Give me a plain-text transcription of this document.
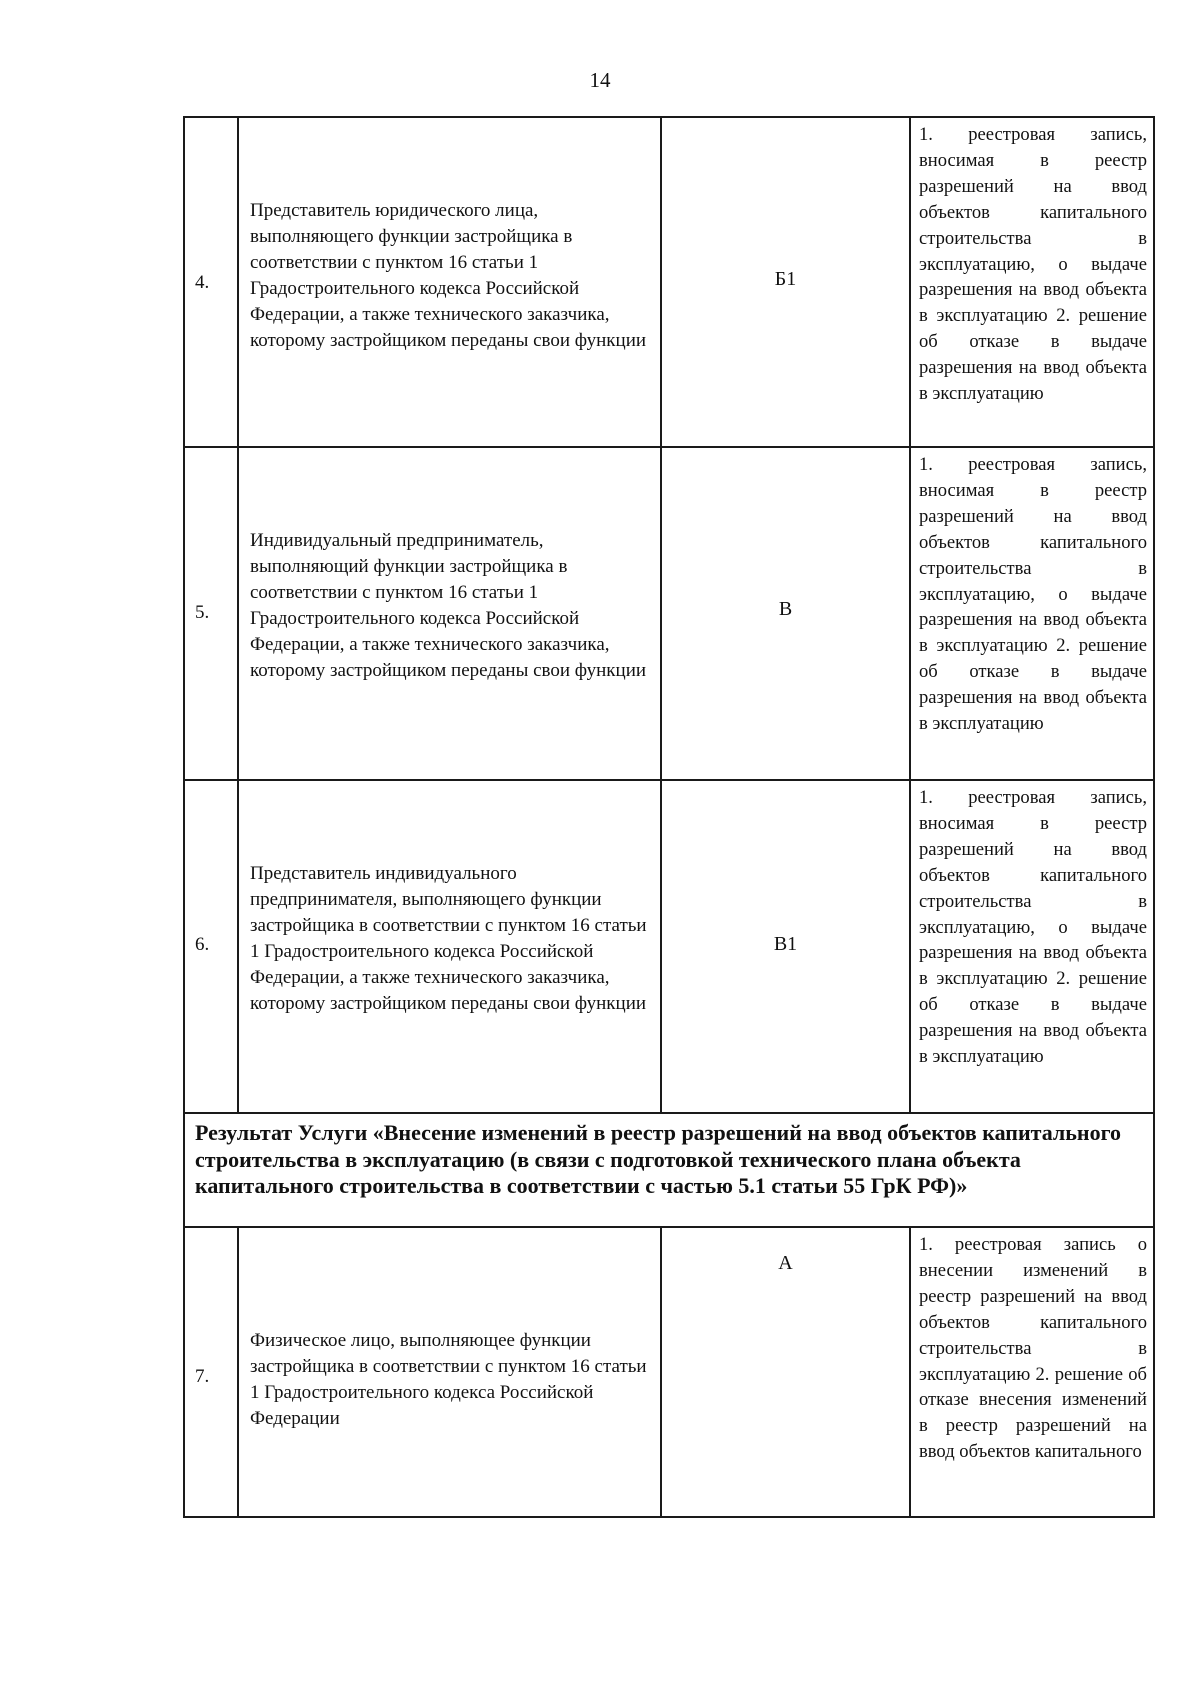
14
4.
Представитель юридического лица, выполняющего функции застройщика в соответствии с пунктом 16 статьи 1 Градостроительного кодекса Российской Федерации, а также технического заказчика, которому застройщиком переданы свои функции
Б1
1. реестровая запись, вносимая в реестр разрешений на ввод объектов капитального строительства в эксплуатацию, о выдаче разрешения на ввод объекта в эксплуатацию 2. решение об отказе в выдаче разрешения на ввод объекта в эксплуатацию
5.
Индивидуальный предприниматель, выполняющий функции застройщика в соответствии с пунктом 16 статьи 1 Градостроительного кодекса Российской Федерации, а также технического заказчика, которому застройщиком переданы свои функции
В
1. реестровая запись, вносимая в реестр разрешений на ввод объектов капитального строительства в эксплуатацию, о выдаче разрешения на ввод объекта в эксплуатацию 2. решение об отказе в выдаче разрешения на ввод объекта в эксплуатацию
6.
Представитель индивидуального предпринимателя, выполняющего функции застройщика в соответствии с пунктом 16 статьи 1 Градостроительного кодекса Российской Федерации, а также технического заказчика, которому застройщиком переданы свои функции
В1
1. реестровая запись, вносимая в реестр разрешений на ввод объектов капитального строительства в эксплуатацию, о выдаче разрешения на ввод объекта в эксплуатацию 2. решение об отказе в выдаче разрешения на ввод объекта в эксплуатацию
Результат Услуги «Внесение изменений в реестр разрешений на ввод объектов капитального строительства в эксплуатацию (в связи с подготовкой технического плана объекта капитального строительства в соответствии с частью 5.1 статьи 55 ГрК РФ)»
7.
Физическое лицо, выполняющее функции застройщика в соответствии с пунктом 16 статьи 1 Градостроительного кодекса Российской Федерации
А
1. реестровая запись о внесении изменений в реестр разрешений на ввод объектов капитального строительства в эксплуатацию 2. решение об отказе внесения изменений в реестр разрешений на ввод объектов капитального
